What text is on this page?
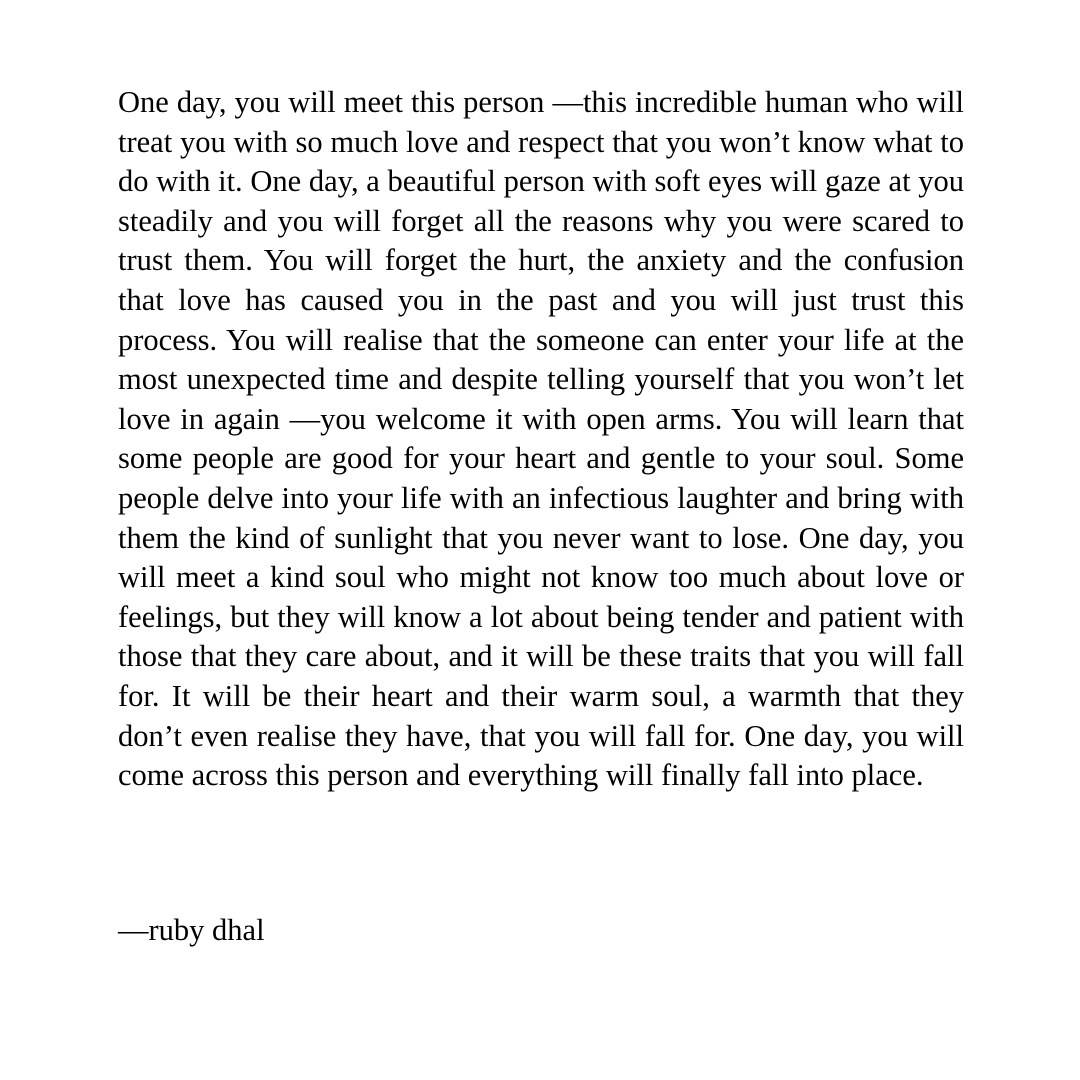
One day, you will meet this person —this incredible human who will treat you with so much love and respect that you won’t know what to do with it. One day, a beautiful person with soft eyes will gaze at you steadily and you will forget all the reasons why you were scared to trust them. You will forget the hurt, the anxiety and the confusion that love has caused you in the past and you will just trust this process. You will realise that the someone can enter your life at the most unexpected time and despite telling yourself that you won’t let love in again —you welcome it with open arms. You will learn that some people are good for your heart and gentle to your soul. Some people delve into your life with an infectious laughter and bring with them the kind of sunlight that you never want to lose. One day, you will meet a kind soul who might not know too much about love or feelings, but they will know a lot about being tender and patient with those that they care about, and it will be these traits that you will fall for. It will be their heart and their warm soul, a warmth that they don’t even realise they have, that you will fall for. One day, you will come across this person and everything will finally fall into place.

—ruby dhal
